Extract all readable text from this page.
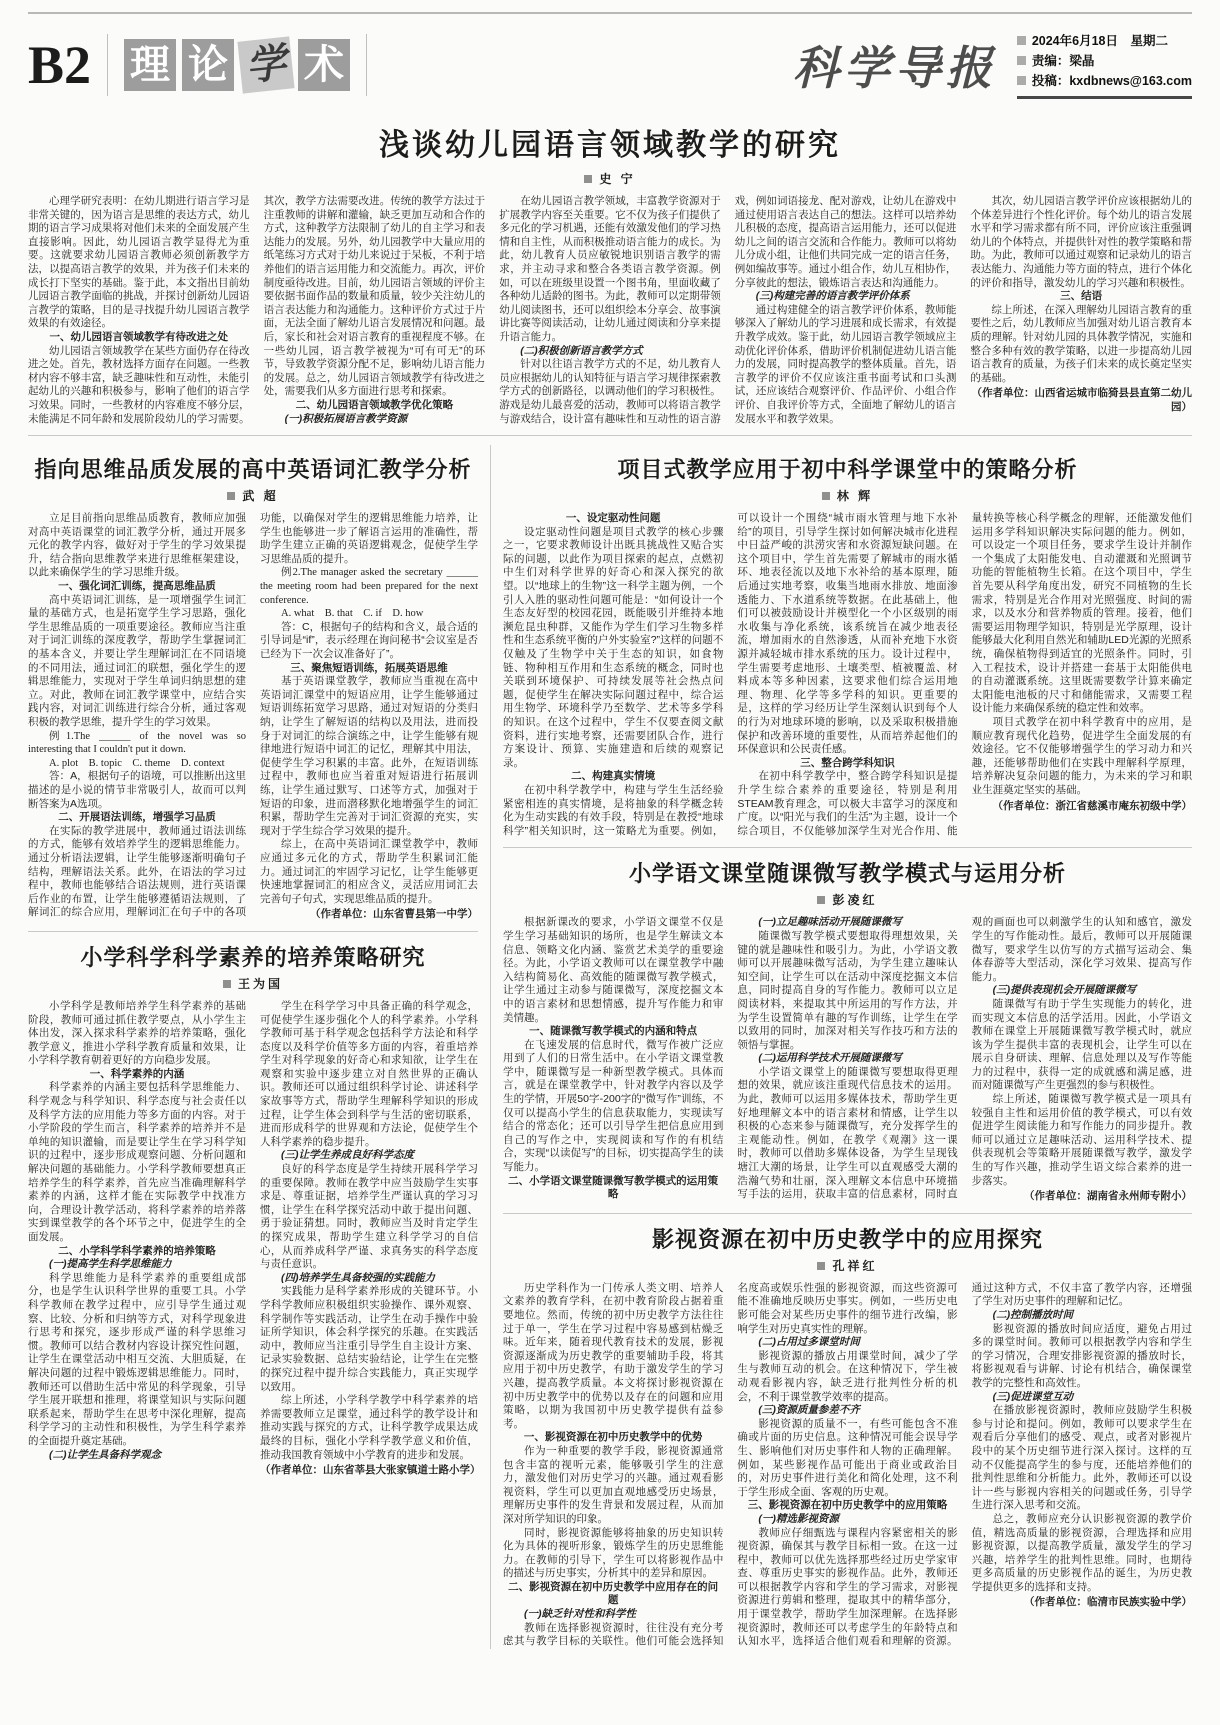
B2 理 论 学 术	科学导报
2024年6月18日　星期二
责编：梁晶
投稿：kxdbnews@163.com
浅谈幼儿园语言领域教学的研究
史 宁
心理学研究表明：在幼儿期进行语言学习是非常关键的，因为语言是思维的表达方式，幼儿期的语言学习成果将对他们未来的全面发展产生直接影响。因此，幼儿园语言教学显得尤为重要。这就要求幼儿园语言教师必须创新教学方法，以提高语言教学的效果，并为孩子们未来的成长打下坚实的基础。鉴于此，本文指出目前幼儿园语言教学面临的挑战，并探讨创新幼儿园语言教学的策略，目的是寻找提升幼儿园语言教学效果的有效途径。
一、幼儿园语言领域教学有待改进之处
幼儿园语言领域教学在某些方面仍存在待改进之处。首先，教材选择方面存在问题。一些教材内容不够丰富，缺乏趣味性和互动性，未能引起幼儿的兴趣和积极参与，影响了他们的语言学习效果。同时，一些教材的内容难度不够分层，未能满足不同年龄和发展阶段幼儿的学习需要。其次，教学方法需要改进。传统的教学方法过于注重教师的讲解和灌输，缺乏更加互动和合作的方式，这种教学方法限制了幼儿的自主学习和表达能力的发展。另外，幼儿园教学中大量应用的纸笔练习方式对于幼儿来说过于呆板，不利于培养他们的语言运用能力和交流能力。再次，评价制度亟待改进。目前，幼儿园语言领域的评价主要依据书面作品的数量和质量，较少关注幼儿的语言表达能力和沟通能力。这种评价方式过于片面，无法全面了解幼儿语言发展情况和问题。最后，家长和社会对语言教育的重视程度不够。在一些幼儿园，语言教学被视为“可有可无”的环节，导致教学资源分配不足，影响幼儿语言能力的发展。总之，幼儿园语言领域教学有待改进之处，需要我们从多方面进行思考和探索。
二、幼儿园语言领域教学优化策略
(一)积极拓展语言教学资源
在幼儿园语言教学领域，丰富教学资源对于扩展教学内容至关重要。它不仅为孩子们提供了多元化的学习机遇，还能有效激发他们的学习热情和自主性，从而积极推动语言能力的成长。为此，幼儿教育人员应敏锐地识别语言教学的需求，并主动寻求和整合各类语言教学资源。例如，可以在班级里设置一个图书角，里面收藏了各种幼儿适龄的图书。为此，教师可以定期带领幼儿阅读图书，还可以组织绘本分享会、故事演讲比赛等阅读活动，让幼儿通过阅读和分享来提升语言能力。
(二)积极创新语言教学方式
针对以往语言教学方式的不足，幼儿教育人员应根据幼儿的认知特征与语言学习规律探索教学方式的创新路径，以调动他们的学习积极性。游戏是幼儿最喜爱的活动，教师可以将语言教学与游戏结合，设计富有趣味性和互动性的语言游戏，例如词语接龙、配对游戏，让幼儿在游戏中通过使用语言表达自己的想法。这样可以培养幼儿积极的态度，提高语言运用能力，还可以促进幼儿之间的语言交流和合作能力。教师可以将幼儿分成小组，让他们共同完成一定的语言任务，例如编故事等。通过小组合作，幼儿互相协作，分享彼此的想法，锻炼语言表达和沟通能力。
(三)构建完善的语言教学评价体系
通过构建健全的语言教学评价体系，教师能够深入了解幼儿的学习进展和成长需求，有效提升教学成效。鉴于此，幼儿园语言教学领域应主动优化评价体系，借助评价机制促进幼儿语言能力的发展，同时提高教学的整体质量。首先，语言教学的评价不仅应该注重书面考试和口头测试，还应该结合观察评价、作品评价、小组合作评价、自我评价等方式，全面地了解幼儿的语言发展水平和教学效果。
其次，幼儿园语言教学评价应该根据幼儿的个体差异进行个性化评价。每个幼儿的语言发展水平和学习需求都有所不同，评价应该注重强调幼儿的个体特点，并提供针对性的教学策略和帮助。为此，教师可以通过观察和记录幼儿的语言表达能力、沟通能力等方面的特点，进行个体化的评价和指导，激发幼儿的学习兴趣和积极性。
三、结语
综上所述，在深入理解幼儿园语言教育的重要性之后，幼儿教师应当加强对幼儿语言教育本质的理解。针对幼儿园的具体教学情况，实施和整合多种有效的教学策略，以进一步提高幼儿园语言教育的质量，为孩子们未来的成长奠定坚实的基础。
（作者单位：山西省运城市临猗县县直第二幼儿园）
指向思维品质发展的高中英语词汇教学分析
武 超
立足目前指向思维品质教育，教师应加强对高中英语课堂的词汇教学分析，通过开展多元化的教学内容，做好对于学生的学习效果提升，结合指向思维教学来进行思维框架建设，以此来确保学生的学习思维升级。
一、强化词汇训练，提高思维品质
高中英语词汇训练，是一项增强学生词汇量的基础方式，也是拓宽学生学习思路，强化学生思维品质的一项重要途径。教师应当注重对于词汇训练的深度教学，帮助学生掌握词汇的基本含义，并要让学生理解词汇在不同语境的不同用法，通过词汇的联想，强化学生的逻辑思维能力，实现对于学生单词归纳思想的建立。对此，教师在词汇教学课堂中，应结合实践内容，对词汇训练进行综合分析，通过客观积极的教学思维，提升学生的学习效果。
例1.The ______ of the novel was so interesting that I couldn't put it down.
A. plot　B. topic　C. theme　D. context
答：A，根据句子的语境，可以推断出这里描述的是小说的情节非常吸引人，故而可以判断答案为A选项。
二、开展语法训练，增强学习品质
在实际的教学进展中，教师通过语法训练的方式，能够有效培养学生的逻辑思维能力。通过分析语法逻辑，让学生能够逐渐明确句子结构，理解语法关系。此外，在语法的学习过程中，教师也能够结合语法规则，进行英语课后作业的布置，让学生能够遵循语法规则，了解词汇的综合应用，理解词汇在句子中的各项功能，以确保对学生的逻辑思维能力培养，让学生也能够进一步了解语言运用的准确性，帮助学生建立正确的英语逻辑观念，促使学生学习思维品质的提升。
例2.The manager asked the secretary ______ the meeting room had been prepared for the next conference.
A. what　B. that　C. if　D. how
答：C，根据句子的结构和含义，最合适的引导词是“if”，表示经理在询问秘书“会议室是否已经为下一次会议准备好了”。
三、聚焦短语训练，拓展英语思维
基于英语课堂教学，教师应当重视在高中英语词汇课堂中的短语应用，让学生能够通过短语训练拓宽学习思路，通过对短语的分类归纳，让学生了解短语的结构以及用法，进而投身于对词汇的综合演练之中，让学生能够有规律地进行短语中词汇的记忆，理解其中用法，促使学生学习积累的丰富。此外，在短语训练过程中，教师也应当着重对短语进行拓展训练，让学生通过默写、口述等方式，加强对于短语的印象，进而潜移默化地增强学生的词汇积累，帮助学生完善对于词汇资源的充实，实现对于学生综合学习效果的提升。
综上，在高中英语词汇课堂教学中，教师应通过多元化的方式，帮助学生积累词汇能力。通过词汇的牢固学习记忆，让学生能够更快速地掌握词汇的相应含义，灵活应用词汇去完善句子句式，实现思维品质的提升。
（作者单位：山东省曹县第一中学）
小学科学科学素养的培养策略研究
王为国
小学科学是教师培养学生科学素养的基础阶段，教师可通过抓住教学要点，从小学生主体出发，深入探求科学素养的培养策略，强化教学意义，推进小学科学教育质量和效果，让小学科学教育朝着更好的方向稳步发展。
一、科学素养的内涵
科学素养的内涵主要包括科学思维能力、科学观念与科学知识、科学态度与社会责任以及科学方法的应用能力等多方面的内容。对于小学阶段的学生而言，科学素养的培养并不是单纯的知识灌输，而是要让学生在学习科学知识的过程中，逐步形成观察问题、分析问题和解决问题的基础能力。小学科学教师要想真正培养学生的科学素养，首先应当准确理解科学素养的内涵，这样才能在实际教学中找准方向，合理设计教学活动，将科学素养的培养落实到课堂教学的各个环节之中，促进学生的全面发展。
二、小学科学科学素养的培养策略
(一)提高学生科学思维能力
科学思维能力是科学素养的重要组成部分，也是学生认识科学世界的重要工具。小学科学教师在教学过程中，应引导学生通过观察、比较、分析和归纳等方式，对科学现象进行思考和探究，逐步形成严谨的科学思维习惯。教师可以结合教材内容设计探究性问题，让学生在课堂活动中相互交流、大胆质疑，在解决问题的过程中锻炼逻辑思维能力。同时，教师还可以借助生活中常见的科学现象，引导学生展开联想和推理，将课堂知识与实际问题联系起来，帮助学生在思考中深化理解，提高科学学习的主动性和积极性，为学生科学素养的全面提升奠定基础。
(二)让学生具备科学观念
学生在科学学习中具备正确的科学观念，可促使学生逐步强化个人的科学素养。小学科学教师可基于科学观念包括科学方法论和科学态度以及科学价值等多方面的内容，着重培养学生对科学现象的好奇心和求知欲，让学生在观察和实验中逐步建立对自然世界的正确认识。教师还可以通过组织科学讨论、讲述科学家故事等方式，帮助学生理解科学知识的形成过程，让学生体会到科学与生活的密切联系，进而形成科学的世界观和方法论，促使学生个人科学素养的稳步提升。
(三)让学生养成良好科学态度
良好的科学态度是学生持续开展科学学习的重要保障。教师在教学中应当鼓励学生实事求是、尊重证据，培养学生严谨认真的学习习惯，让学生在科学探究活动中敢于提出问题、勇于验证猜想。同时，教师应当及时肯定学生的探究成果，帮助学生建立科学学习的自信心，从而养成科学严谨、求真务实的科学态度与责任意识。
(四)培养学生具备较强的实践能力
实践能力是科学素养形成的关键环节。小学科学教师应积极组织实验操作、课外观察、科学制作等实践活动，让学生在动手操作中验证所学知识，体会科学探究的乐趣。在实践活动中，教师应当注重引导学生自主设计方案、记录实验数据、总结实验结论，让学生在完整的探究过程中提升综合实践能力，真正实现学以致用。
综上所述，小学科学教学中科学素养的培养需要教师立足课堂，通过科学的教学设计和推动实践与探究的方式，让科学教学成果达成最终的目标，强化小学科学教学意义和价值，推动我国教育领域中小学教育的进步和发展。
（作者单位：山东省莘县大张家镇道士路小学）
项目式教学应用于初中科学课堂中的策略分析
林 辉
一、设定驱动性问题
设定驱动性问题是项目式教学的核心步骤之一，它要求教师设计出既具挑战性又贴合实际的问题，以此作为项目探索的起点，点燃初中生们对科学世界的好奇心和深入探究的欲望。以“地球上的生物”这一科学主题为例，一个引人入胜的驱动性问题可能是：“如何设计一个生态友好型的校园花园，既能吸引并维持本地濒危昆虫种群，又能作为学生们学习生物多样性和生态系统平衡的户外实验室?”这样的问题不仅触及了生物学中关于生态的知识，如食物链、物种相互作用和生态系统的概念，同时也关联到环境保护、可持续发展等社会热点问题，促使学生在解决实际问题过程中，综合运用生物学、环境科学乃至数学、艺术等多学科的知识。在这个过程中，学生不仅要查阅文献资料，进行实地考察，还需要团队合作，进行方案设计、预算、实施建造和后续的观察记录。
二、构建真实情境
在初中科学教学中，构建与学生生活经验紧密相连的真实情境，是将抽象的科学概念转化为生动实践的有效手段，特别是在教授“地球科学”相关知识时，这一策略尤为重要。例如，可以设计一个围绕“城市雨水管理与地下水补给”的项目，引导学生探讨如何解决城市化进程中日益严峻的洪涝灾害和水资源短缺问题。在这个项目中，学生首先需要了解城市的雨水循环、地表径流以及地下水补给的基本原理，随后通过实地考察，收集当地雨水排放、地面渗透能力、下水道系统等数据。在此基础上，他们可以被鼓励设计并模型化一个小区级别的雨水收集与净化系统，该系统旨在减少地表径流，增加雨水的自然渗透，从而补充地下水资源并减轻城市排水系统的压力。设计过程中，学生需要考虑地形、土壤类型、植被覆盖、材料成本等多种因素，这要求他们综合运用地理、物理、化学等多学科的知识。更重要的是，这样的学习经历让学生深刻认识到每个人的行为对地球环境的影响，以及采取积极措施保护和改善环境的重要性，从而培养起他们的环保意识和公民责任感。
三、整合跨学科知识
在初中科学教学中，整合跨学科知识是提升学生综合素养的重要途径，特别是利用STEAM教育理念，可以极大丰富学习的深度和广度。以“阳光与我们的生活”为主题，设计一个综合项目，不仅能够加深学生对光合作用、能量转换等核心科学概念的理解，还能激发他们运用多学科知识解决实际问题的能力。例如，可以设定一个项目任务，要求学生设计并制作一个集成了太阳能发电、自动灌溉和光照调节功能的智能植物生长箱。在这个项目中，学生首先要从科学角度出发，研究不同植物的生长需求，特别是光合作用对光照强度、时间的需求，以及水分和营养物质的管理。接着，他们需要运用物理学知识，特别是光学原理，设计能够最大化利用自然光和辅助LED光源的光照系统，确保植物得到适宜的光照条件。同时，引入工程技术，设计并搭建一套基于太阳能供电的自动灌溉系统。这里既需要数学计算来确定太阳能电池板的尺寸和储能需求，又需要工程设计能力来确保系统的稳定性和效率。
项目式教学在初中科学教育中的应用，是顺应教育现代化趋势，促进学生全面发展的有效途径。它不仅能够增强学生的学习动力和兴趣，还能够帮助他们在实践中理解科学原理，培养解决复杂问题的能力，为未来的学习和职业生涯奠定坚实的基础。
（作者单位：浙江省慈溪市庵东初级中学）
小学语文课堂随课微写教学模式与运用分析
彭凌红
根据新课改的要求，小学语文课堂不仅是学生学习基础知识的场所，也是学生解读文本信息、领略文化内涵、鉴赏艺术美学的重要途径。为此，小学语文教师可以在课堂教学中融入结构简易化、高效能的随课微写教学模式，让学生通过主动参与随课微写，深度挖掘文本中的语言素材和思想情感，提升写作能力和审美情趣。
一、随课微写教学模式的内涵和特点
在飞速发展的信息时代，微写作被广泛应用到了人们的日常生活中。在小学语文课堂教学中，随课微写是一种新型教学模式。具体而言，就是在课堂教学中，针对教学内容以及学生的学情，开展50字-200字的“微写作”训练，不仅可以提高小学生的信息获取能力，实现读写结合的常态化；还可以引导学生把信息应用到自己的写作之中，实现阅读和写作的有机结合，实现“以读促写”的目标，切实提高学生的读写能力。
二、小学语文课堂随课微写教学模式的运用策略
(一)立足趣味活动开展随课微写
随课微写教学模式要想取得理想效果，关键的就是趣味性和吸引力。为此，小学语文教师可以开展趣味微写活动，为学生建立趣味认知空间，让学生可以在活动中深度挖掘文本信息，同时提高自身的写作能力。教师可以立足阅读材料，来提取其中所运用的写作方法，并为学生设置简单有趣的写作训练，让学生在学以致用的同时，加深对相关写作技巧和方法的领悟与掌握。
(二)运用科学技术开展随课微写
小学语文课堂上的随课微写要想取得更理想的效果，就应该注重现代信息技术的运用。为此，教师可以运用多媒体技术，帮助学生更好地理解文本中的语言素材和情感，让学生以积极的心态来参与随课微写，充分发挥学生的主观能动性。例如，在教学《观潮》这一课时，教师可以借助多媒体设备，为学生呈现钱塘江大潮的场景，让学生可以直观感受大潮的浩瀚气势和壮丽，深入理解文本信息中环境描写手法的运用，获取丰富的信息素材，同时直观的画面也可以刺激学生的认知和感官，激发学生的写作能动性。最后，教师可以开展随课微写，要求学生以仿写的方式描写运动会、集体春游等大型活动，深化学习效果、提高写作能力。
(三)提供表现机会开展随课微写
随课微写有助于学生实现能力的转化，进而实现文本信息的活学活用。因此，小学语文教师在课堂上开展随课微写教学模式时，就应该为学生提供丰富的表现机会，让学生可以在展示自身研读、理解、信息处理以及写作等能力的过程中，获得一定的成就感和满足感，进而对随课微写产生更强烈的参与积极性。
综上所述，随课微写教学模式是一项具有较强自主性和运用价值的教学模式，可以有效促进学生阅读能力和写作能力的同步提升。教师可以通过立足趣味活动、运用科学技术、提供表现机会等策略开展随课微写教学，激发学生的写作兴趣，推动学生语文综合素养的进一步落实。
（作者单位：湖南省永州师专附小）
影视资源在初中历史教学中的应用探究
孔祥红
历史学科作为一门传承人类文明、培养人文素养的教育学科，在初中教育阶段占据着重要地位。然而，传统的初中历史教学方法往往过于单一，学生在学习过程中容易感到枯燥乏味。近年来，随着现代教育技术的发展，影视资源逐渐成为历史教学的重要辅助手段，将其应用于初中历史教学，有助于激发学生的学习兴趣，提高教学质量。本文将探讨影视资源在初中历史教学中的优势以及存在的问题和应用策略，以期为我国初中历史教学提供有益参考。
一、影视资源在初中历史教学中的优势
作为一种重要的教学手段，影视资源通常包含丰富的视听元素，能够吸引学生的注意力，激发他们对历史学习的兴趣。通过观看影视资料，学生可以更加直观地感受历史场景，理解历史事件的发生背景和发展过程，从而加深对所学知识的印象。
同时，影视资源能够将抽象的历史知识转化为具体的视听形象，锻炼学生的历史思维能力。在教师的引导下，学生可以将影视作品中的描述与历史事实，分析其中的差异和原因。
二、影视资源在初中历史教学中应用存在的问题
(一)缺乏针对性和科学性
教师在选择影视资源时，往往没有充分考虑其与教学目标的关联性。他们可能会选择知名度高或娱乐性强的影视资源，而这些资源可能不准确地反映历史事实。例如，一些历史电影可能会对某些历史事件的细节进行改编，影响学生对历史真实性的理解。
(二)占用过多课堂时间
影视资源的播放占用课堂时间，减少了学生与教师互动的机会。在这种情况下，学生被动观看影视内容，缺乏进行批判性分析的机会，不利于课堂教学效率的提高。
(三)资源质量参差不齐
影视资源的质量不一，有些可能包含不准确或片面的历史信息。这种情况可能会误导学生、影响他们对历史事件和人物的正确理解。例如，某些影视作品可能出于商业或政治目的，对历史事件进行美化和简化处理，这不利于学生形成全面、客观的历史观。
三、影视资源在初中历史教学中的应用策略
(一)精选影视资源
教师应仔细甄选与课程内容紧密相关的影视资源，确保其与教学目标相一致。在这一过程中，教师可以优先选择那些经过历史学家审查、尊重历史事实的影视作品。此外，教师还可以根据教学内容和学生的学习需求，对影视资源进行剪辑和整理，提取其中的精华部分，用于课堂教学，帮助学生加深理解。在选择影视资源时，教师还可以考虑学生的年龄特点和认知水平，选择适合他们观看和理解的资源。通过这种方式，不仅丰富了教学内容，还增强了学生对历史事件的理解和记忆。
(二)控制播放时间
影视资源的播放时间应适度，避免占用过多的课堂时间。教师可以根据教学内容和学生的学习情况，合理安排影视资源的播放时长，将影视观看与讲解、讨论有机结合，确保课堂教学的完整性和高效性。
(三)促进课堂互动
在播放影视资源时，教师应鼓励学生积极参与讨论和提问。例如，教师可以要求学生在观看后分享他们的感受、观点，或者对影视片段中的某个历史细节进行深入探讨。这样的互动不仅能提高学生的参与度，还能培养他们的批判性思维和分析能力。此外，教师还可以设计一些与影视内容相关的问题或任务，引导学生进行深入思考和交流。
总之，教师应充分认识影视资源的教学价值，精选高质量的影视资源，合理选择和应用影视资源，以提高教学质量，激发学生的学习兴趣，培养学生的批判性思维。同时，也期待更多高质量的历史影视作品的诞生，为历史教学提供更多的选择和支持。
（作者单位：临清市民族实验中学）
